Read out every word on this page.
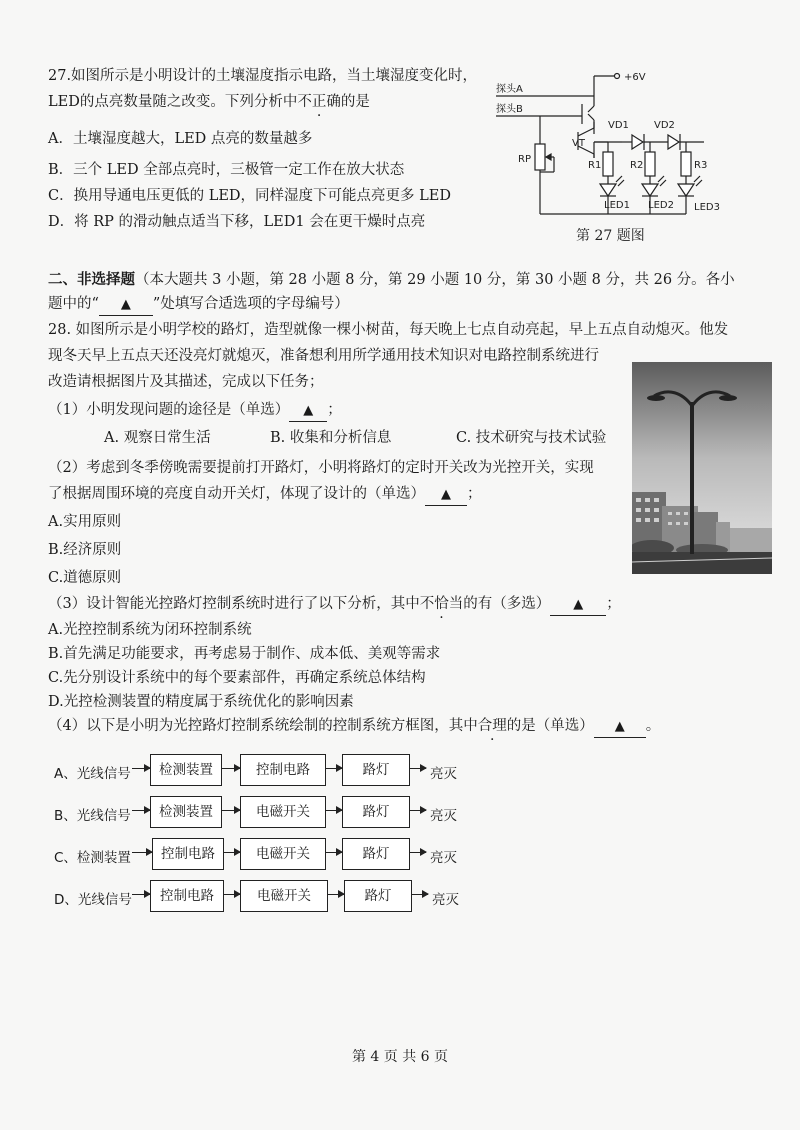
27.如图所示是小明设计的土壤湿度指示电路，当土壤湿度变化时，
LED的点亮数量随之改变。下列分析中不正确的是
A．土壤湿度越大，LED 点亮的数量越多
B．三个 LED 全部点亮时，三极管一定工作在放大状态
C．换用导通电压更低的 LED，同样湿度下可能点亮更多 LED
D．将 RP 的滑动触点适当下移，LED1 会在更干燥时点亮
+6V
探头A
探头B
VT
RP
VD1	VD2
R1	R2	R3
LED1 LED2 LED3
第 27 题图
二、非选择题（本大题共 3 小题，第 28 小题 8 分，第 29 小题 10 分，第 30 小题 8 分，共 26 分。各小
题中的“ ▲ ”处填写合适选项的字母编号）
28. 如图所示是小明学校的路灯，造型就像一棵小树苗，每天晚上七点自动亮起，早上五点自动熄灭。他发
现冬天早上五点天还没亮灯就熄灭，准备想利用所学通用技术知识对电路控制系统进行
改造请根据图片及其描述，完成以下任务；
（1）小明发现问题的途径是（单选） ▲ ；
A. 观察日常生活	B. 收集和分析信息	C. 技术研究与技术试验
（2）考虑到冬季傍晚需要提前打开路灯，小明将路灯的定时开关改为光控开关，实现
了根据周围环境的亮度自动开关灯，体现了设计的（单选） ▲ ；
A.实用原则
B.经济原则
C.道德原则
（3）设计智能光控路灯控制系统时进行了以下分析，其中不恰当的有（多选） ▲ ；
A.光控控制系统为闭环控制系统
B.首先满足功能要求，再考虑易于制作、成本低、美观等需求
C.先分别设计系统中的每个要素部件，再确定系统总体结构
D.光控检测装置的精度属于系统优化的影响因素
（4）以下是小明为光控路灯控制系统绘制的控制系统方框图，其中合理的是（单选） ▲ 。
A、光线信号	检测装置	控制电路	路灯	亮灭
B、光线信号	检测装置	电磁开关	路灯	亮灭
C、检测装置	控制电路	电磁开关	路灯	亮灭
D、光线信号	控制电路	电磁开关	路灯	亮灭
第 4 页 共 6 页
